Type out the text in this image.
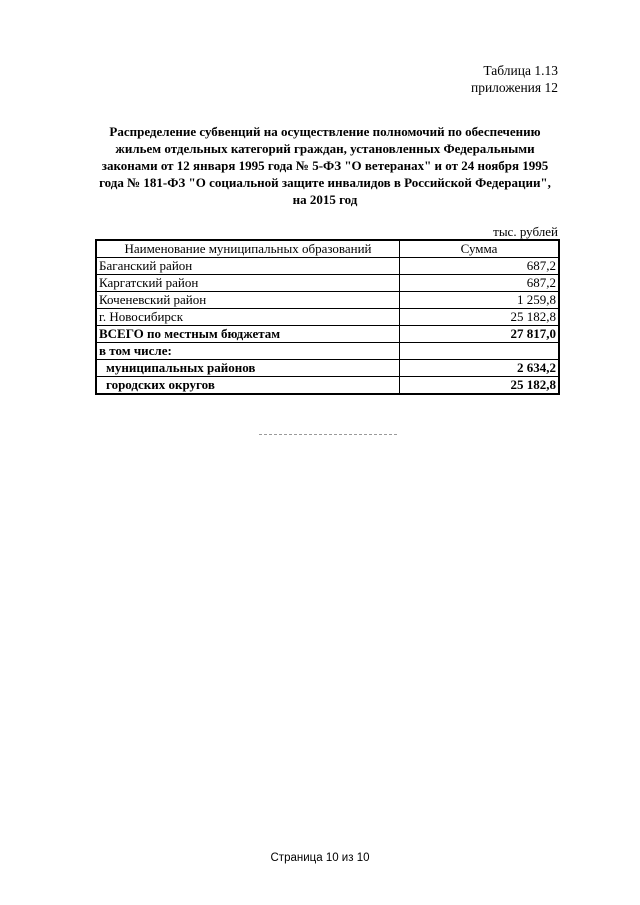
Таблица 1.13
приложения 12
Распределение субвенций на осуществление полномочий по обеспечению
жильем отдельных категорий граждан, установленных Федеральными
законами от 12 января 1995 года № 5-ФЗ "О ветеранах" и от 24 ноября 1995
года № 181-ФЗ "О социальной защите инвалидов в Российской Федерации",
на 2015 год
тыс. рублей
Наименование муниципальных образований	Сумма
Баганский район	687,2
Каргатский район	687,2
Коченевский район	1 259,8
г. Новосибирск	25 182,8
ВСЕГО по местным бюджетам	27 817,0
в том числе:	
муниципальных районов	2 634,2
городских округов	25 182,8
Страница 10 из 10
